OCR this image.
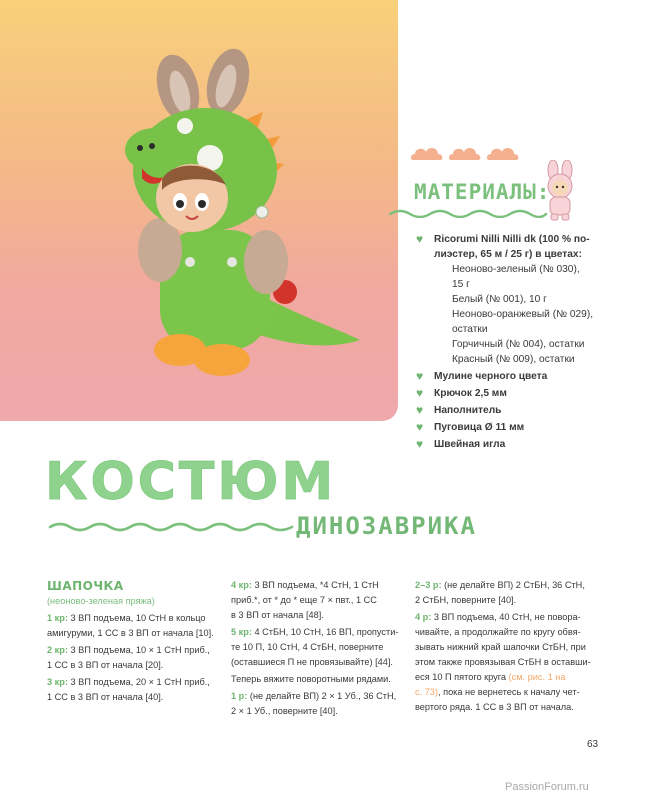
МАТЕРИАЛЫ:
♥ Ricorumi Nilli Nilli dk (100 % по-
лиэстер, 65 м / 25 г) в цветах:
Неоново-зеленый (№ 030),
15 г
Белый (№ 001), 10 г
Неоново-оранжевый (№ 029),
остатки
Горчичный (№ 004), остатки
Красный (№ 009), остатки
♥ Мулине черного цвета
♥ Крючок 2,5 мм
♥ Наполнитель
♥ Пуговица Ø 11 мм
♥ Швейная игла
КОСТЮМ
ДИНОЗАВРИКА
ШАПОЧКА
(неоново-зеленая пряжа)
1 кр: 3 ВП подъема, 10 СтН в кольцо
амигуруми, 1 СС в 3 ВП от начала [10].
2 кр: 3 ВП подъема, 10 × 1 СтН приб.,
1 СС в 3 ВП от начала [20].
3 кр: 3 ВП подъема, 20 × 1 СтН приб.,
1 СС в 3 ВП от начала [40].
4 кр: 3 ВП подъема, *4 СтН, 1 СтН
приб.*, от * до * еще 7 × пвт., 1 СС
в 3 ВП от начала [48].
5 кр: 4 СтБН, 10 СтН, 16 ВП, пропусти-
те 10 П, 10 СтН, 4 СтБН, поверните
(оставшиеся П не провязывайте) [44].
Теперь вяжите поворотными рядами.
1 р: (не делайте ВП) 2 × 1 Уб., 36 СтН,
2 × 1 Уб., поверните [40].
2–3 р: (не делайте ВП) 2 СтБН, 36 СтН,
2 СтБН, поверните [40].
4 р: 3 ВП подъема, 40 СтН, не повора-
чивайте, а продолжайте по кругу обвя-
зывать нижний край шапочки СтБН, при
этом также провязывая СтБН в оставши-
еся 10 П пятого круга (см. рис. 1 на
с. 73), пока не вернетесь к началу чет-
вертого ряда. 1 СС в 3 ВП от начала.
63
PassionForum.ru
